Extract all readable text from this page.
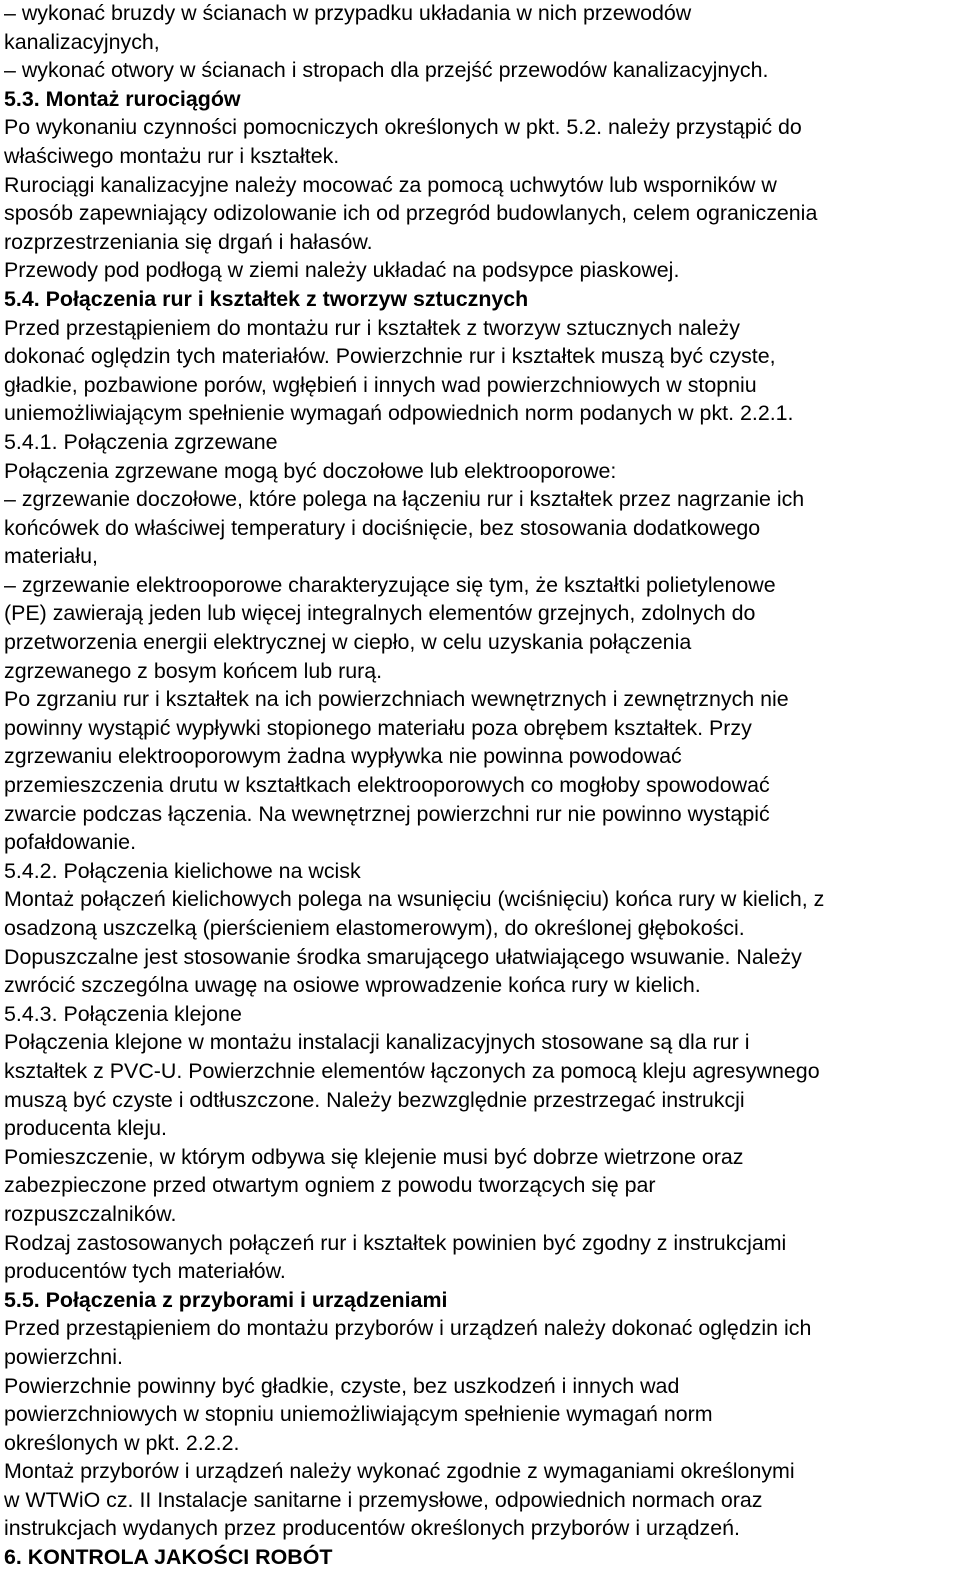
– wykonać bruzdy w ścianach w przypadku układania w nich przewodów
kanalizacyjnych,
– wykonać otwory w ścianach i stropach dla przejść przewodów kanalizacyjnych.
5.3. Montaż rurociągów
Po wykonaniu czynności pomocniczych określonych w pkt. 5.2. należy przystąpić do
właściwego montażu rur i kształtek.
Rurociągi kanalizacyjne należy mocować za pomocą uchwytów lub wsporników w
sposób zapewniający odizolowanie ich od przegród budowlanych, celem ograniczenia
rozprzestrzeniania się drgań i hałasów.
Przewody pod podłogą w ziemi należy układać na podsypce piaskowej.
5.4. Połączenia rur i kształtek z tworzyw sztucznych
Przed przestąpieniem do montażu rur i kształtek z tworzyw sztucznych należy
dokonać oględzin tych materiałów. Powierzchnie rur i kształtek muszą być czyste,
gładkie, pozbawione porów, wgłębień i innych wad powierzchniowych w stopniu
uniemożliwiającym spełnienie wymagań odpowiednich norm podanych w pkt. 2.2.1.
5.4.1. Połączenia zgrzewane
Połączenia zgrzewane mogą być doczołowe lub elektrooporowe:
– zgrzewanie doczołowe, które polega na łączeniu rur i kształtek przez nagrzanie ich
końcówek do właściwej temperatury i dociśnięcie, bez stosowania dodatkowego
materiału,
– zgrzewanie elektrooporowe charakteryzujące się tym, że kształtki polietylenowe
(PE) zawierają jeden lub więcej integralnych elementów grzejnych, zdolnych do
przetworzenia energii elektrycznej w ciepło, w celu uzyskania połączenia
zgrzewanego z bosym końcem lub rurą.
Po zgrzaniu rur i kształtek na ich powierzchniach wewnętrznych i zewnętrznych nie
powinny wystąpić wypływki stopionego materiału poza obrębem kształtek. Przy
zgrzewaniu elektrooporowym żadna wypływka nie powinna powodować
przemieszczenia drutu w kształtkach elektrooporowych co mogłoby spowodować
zwarcie podczas łączenia. Na wewnętrznej powierzchni rur nie powinno wystąpić
pofałdowanie.
5.4.2. Połączenia kielichowe na wcisk
Montaż połączeń kielichowych polega na wsunięciu (wciśnięciu) końca rury w kielich, z
osadzoną uszczelką (pierścieniem elastomerowym), do określonej głębokości.
Dopuszczalne jest stosowanie środka smarującego ułatwiającego wsuwanie. Należy
zwrócić szczególna uwagę na osiowe wprowadzenie końca rury w kielich.
5.4.3. Połączenia klejone
Połączenia klejone w montażu instalacji kanalizacyjnych stosowane są dla rur i
kształtek z PVC-U. Powierzchnie elementów łączonych za pomocą kleju agresywnego
muszą być czyste i odtłuszczone. Należy bezwzględnie przestrzegać instrukcji
producenta kleju.
Pomieszczenie, w którym odbywa się klejenie musi być dobrze wietrzone oraz
zabezpieczone przed otwartym ogniem z powodu tworzących się par
rozpuszczalników.
Rodzaj zastosowanych połączeń rur i kształtek powinien być zgodny z instrukcjami
producentów tych materiałów.
5.5. Połączenia z przyborami i urządzeniami
Przed przestąpieniem do montażu przyborów i urządzeń należy dokonać oględzin ich
powierzchni.
Powierzchnie powinny być gładkie, czyste, bez uszkodzeń i innych wad
powierzchniowych w stopniu uniemożliwiającym spełnienie wymagań norm
określonych w pkt. 2.2.2.
Montaż przyborów i urządzeń należy wykonać zgodnie z wymaganiami określonymi
w WTWiO cz. II Instalacje sanitarne i przemysłowe, odpowiednich normach oraz
instrukcjach wydanych przez producentów określonych przyborów i urządzeń.
6. KONTROLA JAKOŚCI ROBÓT
